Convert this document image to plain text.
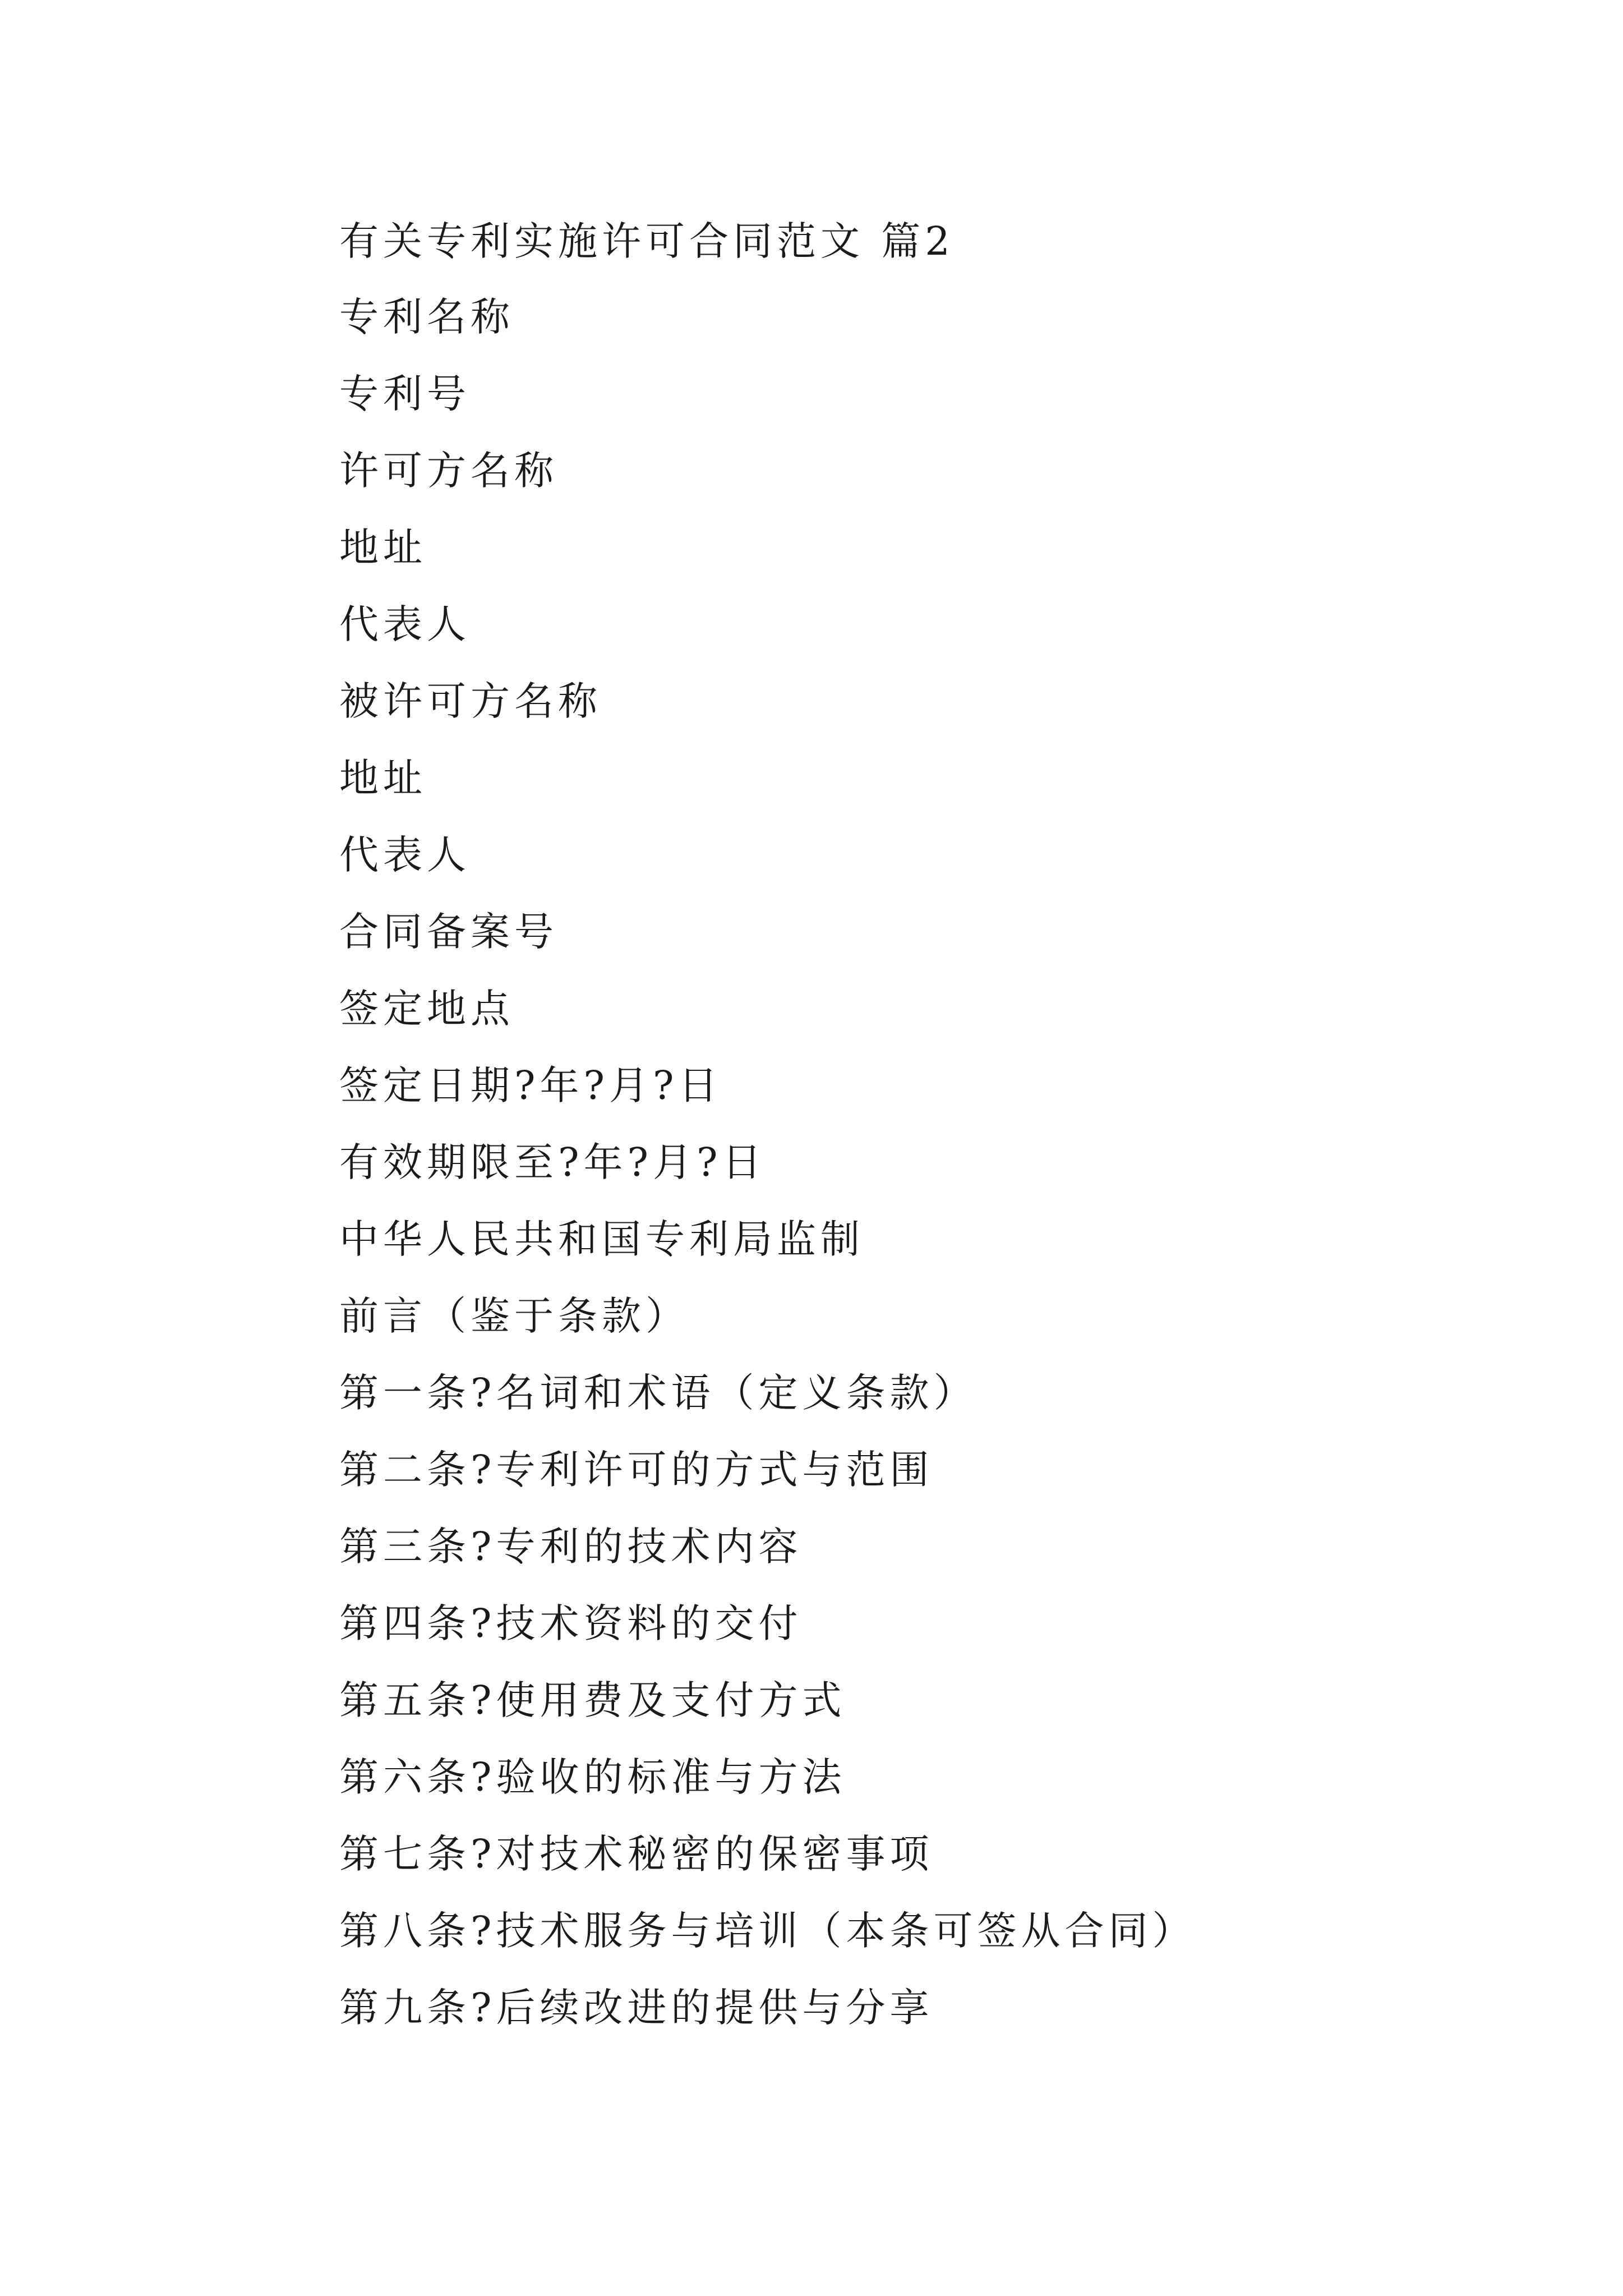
有关专利实施许可合同范文 篇2

专利名称

专利号

许可方名称

地址

代表人

被许可方名称

地址

代表人

合同备案号

签定地点

签定日期?年?月?日

有效期限至?年?月?日

中华人民共和国专利局监制

前言（鉴于条款）

第一条?名词和术语（定义条款）

第二条?专利许可的方式与范围

第三条?专利的技术内容

第四条?技术资料的交付

第五条?使用费及支付方式

第六条?验收的标准与方法

第七条?对技术秘密的保密事项

第八条?技术服务与培训（本条可签从合同）

第九条?后续改进的提供与分享
